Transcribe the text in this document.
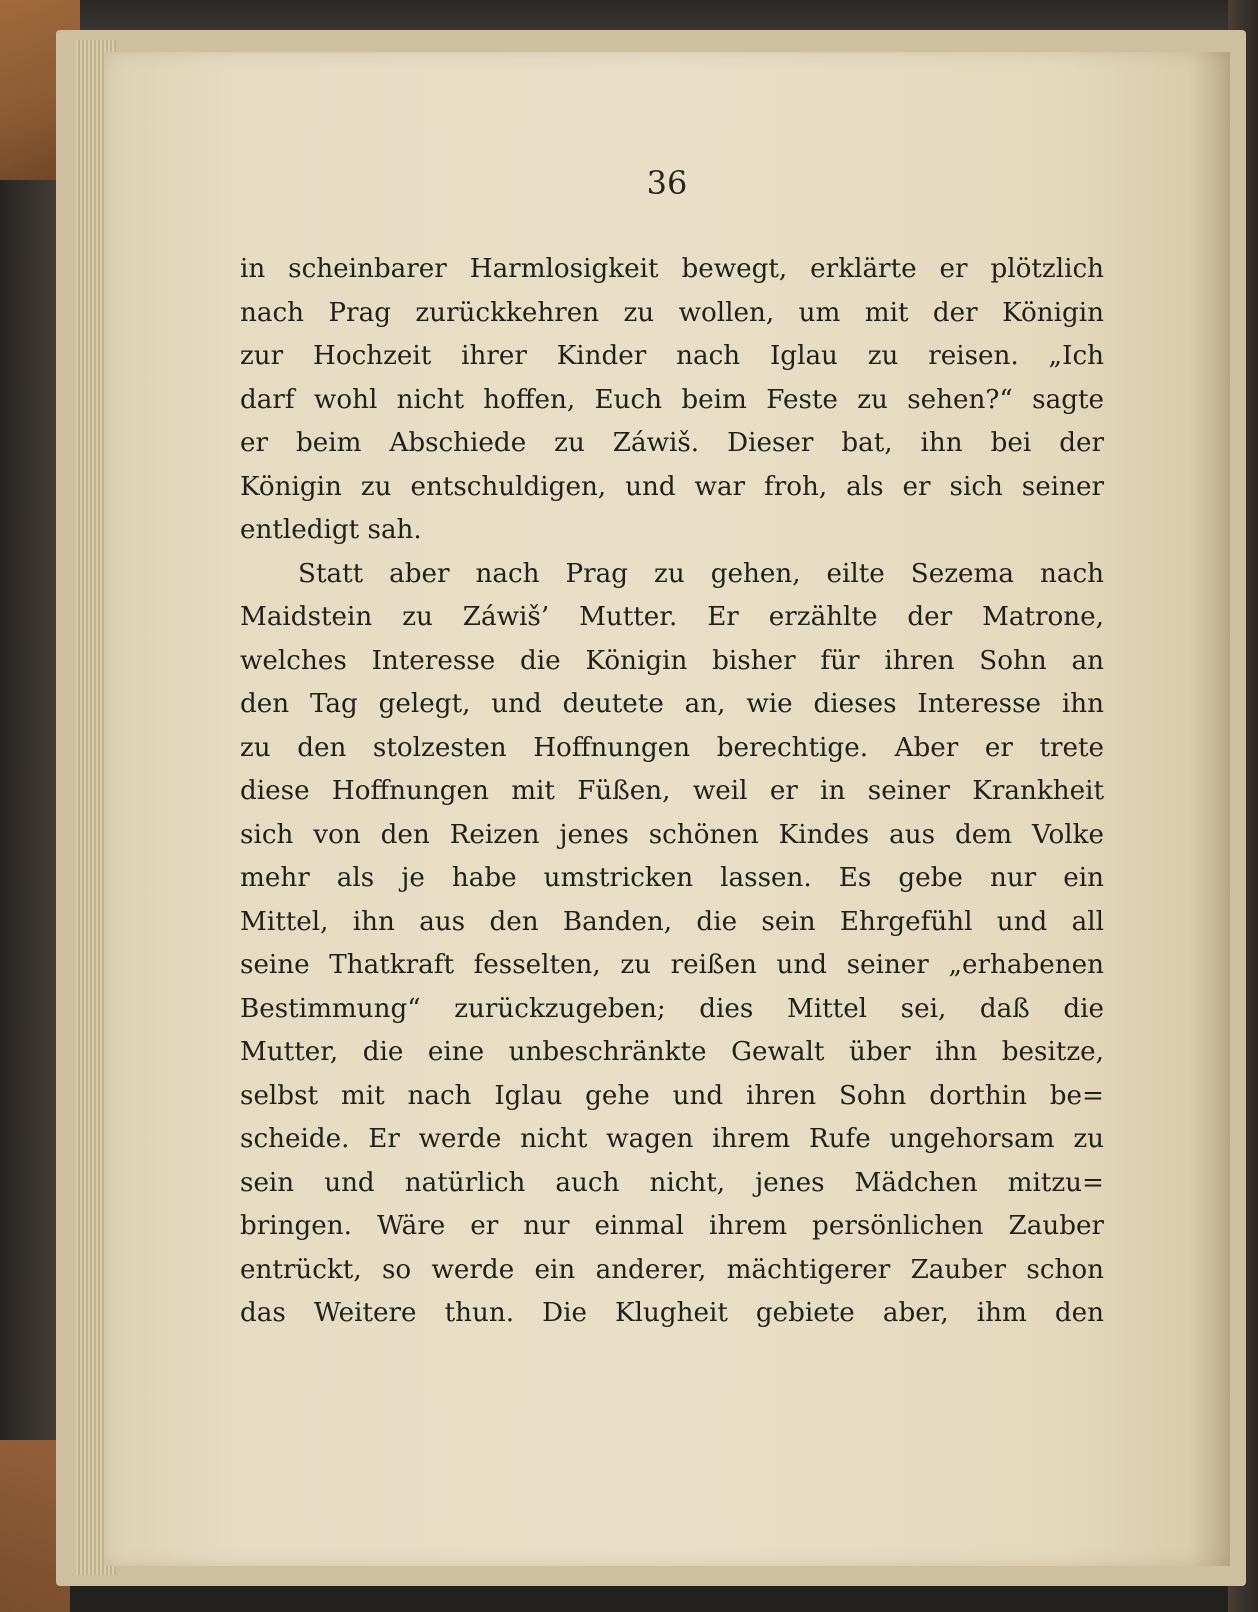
36

in scheinbarer Harmlosigkeit bewegt, erklärte er plötzlich
nach Prag zurückkehren zu wollen, um mit der Königin
zur Hochzeit ihrer Kinder nach Iglau zu reisen. „Ich
darf wohl nicht hoffen, Euch beim Feste zu sehen?“ sagte
er beim Abschiede zu Záwiš. Dieser bat, ihn bei der
Königin zu entschuldigen, und war froh, als er sich seiner
entledigt sah.
Statt aber nach Prag zu gehen, eilte Sezema nach
Maidstein zu Záwiš’ Mutter. Er erzählte der Matrone,
welches Interesse die Königin bisher für ihren Sohn an
den Tag gelegt, und deutete an, wie dieses Interesse ihn
zu den stolzesten Hoffnungen berechtige. Aber er trete
diese Hoffnungen mit Füßen, weil er in seiner Krankheit
sich von den Reizen jenes schönen Kindes aus dem Volke
mehr als je habe umstricken lassen. Es gebe nur ein
Mittel, ihn aus den Banden, die sein Ehrgefühl und all
seine Thatkraft fesselten, zu reißen und seiner „erhabenen
Bestimmung“ zurückzugeben; dies Mittel sei, daß die
Mutter, die eine unbeschränkte Gewalt über ihn besitze,
selbst mit nach Iglau gehe und ihren Sohn dorthin be=
scheide. Er werde nicht wagen ihrem Rufe ungehorsam zu
sein und natürlich auch nicht, jenes Mädchen mitzu=
bringen. Wäre er nur einmal ihrem persönlichen Zauber
entrückt, so werde ein anderer, mächtigerer Zauber schon
das Weitere thun. Die Klugheit gebiete aber, ihm den
